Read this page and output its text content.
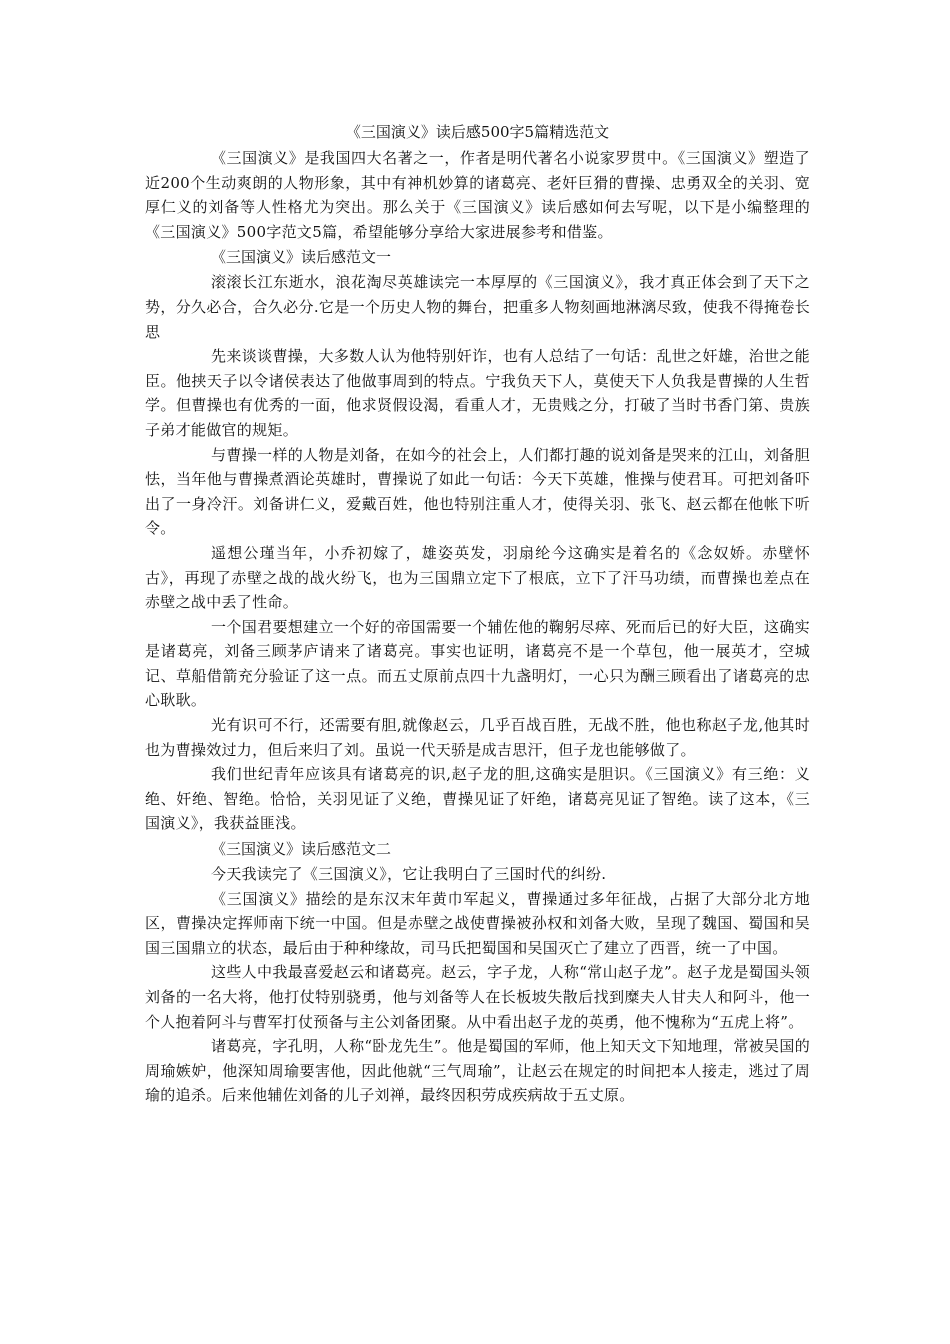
《三国演义》读后感500字5篇精选范文

《三国演义》是我国四大名著之一，作者是明代著名小说家罗贯中。《三国演义》塑造了近200个生动爽朗的人物形象，其中有神机妙算的诸葛亮、老奸巨猾的曹操、忠勇双全的关羽、宽厚仁义的刘备等人性格尤为突出。那么关于《三国演义》读后感如何去写呢，以下是小编整理的《三国演义》500字范文5篇，希望能够分享给大家进展参考和借鉴。

《三国演义》读后感范文一

滚滚长江东逝水，浪花淘尽英雄读完一本厚厚的《三国演义》，我才真正体会到了天下之势，分久必合，合久必分.它是一个历史人物的舞台，把重多人物刻画地淋漓尽致，使我不得掩卷长思

先来谈谈曹操，大多数人认为他特别奸诈，也有人总结了一句话：乱世之奸雄，治世之能臣。他挟天子以令诸侯表达了他做事周到的特点。宁我负天下人，莫使天下人负我是曹操的人生哲学。但曹操也有优秀的一面，他求贤假设渴，看重人才，无贵贱之分，打破了当时书香门第、贵族子弟才能做官的规矩。

与曹操一样的人物是刘备，在如今的社会上，人们都打趣的说刘备是哭来的江山，刘备胆怯，当年他与曹操煮酒论英雄时，曹操说了如此一句话：今天下英雄，惟操与使君耳。可把刘备吓出了一身冷汗。刘备讲仁义，爱戴百姓，他也特别注重人才，使得关羽、张飞、赵云都在他帐下听令。

遥想公瑾当年，小乔初嫁了，雄姿英发，羽扇纶今这确实是着名的《念奴娇。赤壁怀古》，再现了赤壁之战的战火纷飞，也为三国鼎立定下了根底，立下了汗马功绩，而曹操也差点在赤壁之战中丢了性命。

一个国君要想建立一个好的帝国需要一个辅佐他的鞠躬尽瘁、死而后已的好大臣，这确实是诸葛亮，刘备三顾茅庐请来了诸葛亮。事实也证明，诸葛亮不是一个草包，他一展英才，空城记、草船借箭充分验证了这一点。而五丈原前点四十九盏明灯，一心只为酬三顾看出了诸葛亮的忠心耿耿。

光有识可不行，还需要有胆,就像赵云，几乎百战百胜，无战不胜，他也称赵子龙,他其时也为曹操效过力，但后来归了刘。虽说一代天骄是成吉思汗，但子龙也能够做了。

我们世纪青年应该具有诸葛亮的识,赵子龙的胆,这确实是胆识。《三国演义》有三绝：义绝、奸绝、智绝。恰恰，关羽见证了义绝，曹操见证了奸绝，诸葛亮见证了智绝。读了这本，《三国演义》，我获益匪浅。

《三国演义》读后感范文二

今天我读完了《三国演义》，它让我明白了三国时代的纠纷.

《三国演义》描绘的是东汉末年黄巾军起义，曹操通过多年征战，占据了大部分北方地区，曹操决定挥师南下统一中国。但是赤壁之战使曹操被孙权和刘备大败，呈现了魏国、蜀国和吴国三国鼎立的状态，最后由于种种缘故，司马氏把蜀国和吴国灭亡了建立了西晋，统一了中国。

这些人中我最喜爱赵云和诸葛亮。赵云，字子龙，人称“常山赵子龙”。赵子龙是蜀国头领刘备的一名大将，他打仗特别骁勇，他与刘备等人在长板坡失散后找到糜夫人甘夫人和阿斗，他一个人抱着阿斗与曹军打仗预备与主公刘备团聚。从中看出赵子龙的英勇，他不愧称为“五虎上将”。

诸葛亮，字孔明，人称“卧龙先生”。他是蜀国的军师，他上知天文下知地理，常被吴国的周瑜嫉妒，他深知周瑜要害他，因此他就“三气周瑜”，让赵云在规定的时间把本人接走，逃过了周瑜的追杀。后来他辅佐刘备的儿子刘禅，最终因积劳成疾病故于五丈原。
